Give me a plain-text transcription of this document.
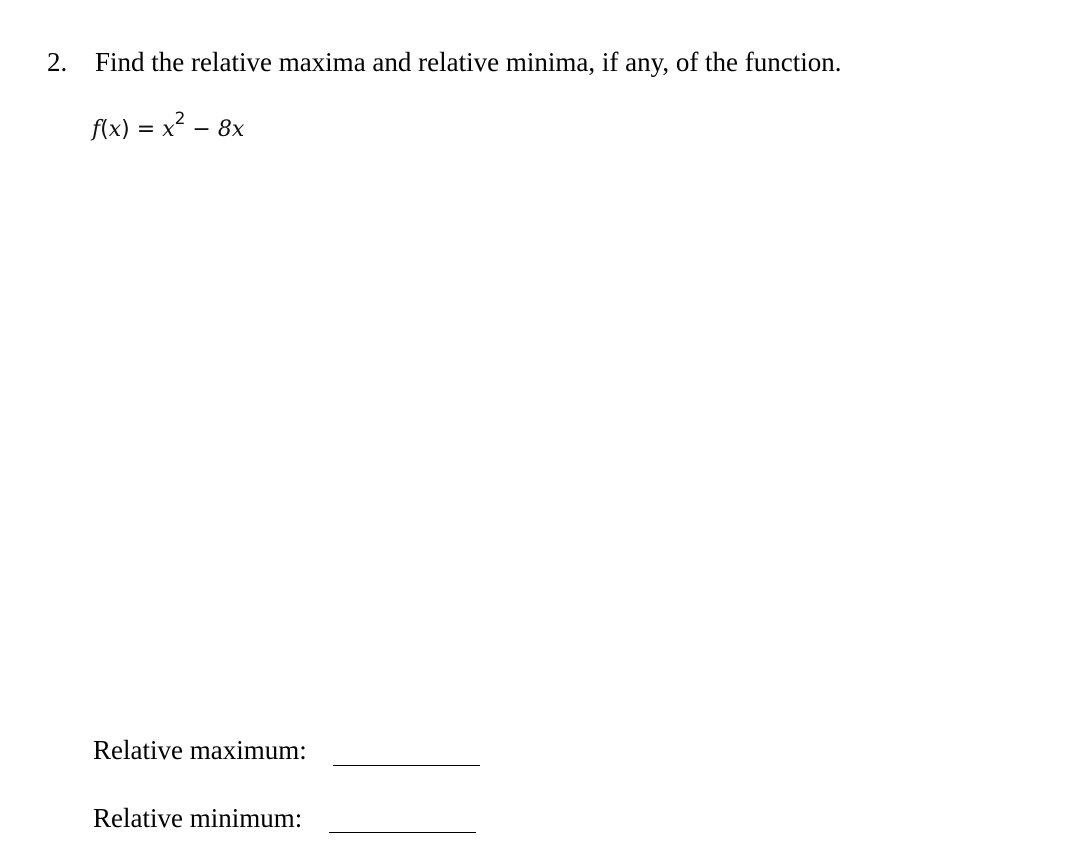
2. Find the relative maxima and relative minima, if any, of the function.
$f(x) = x^2 - 8x$
Relative maximum:
Relative minimum:
